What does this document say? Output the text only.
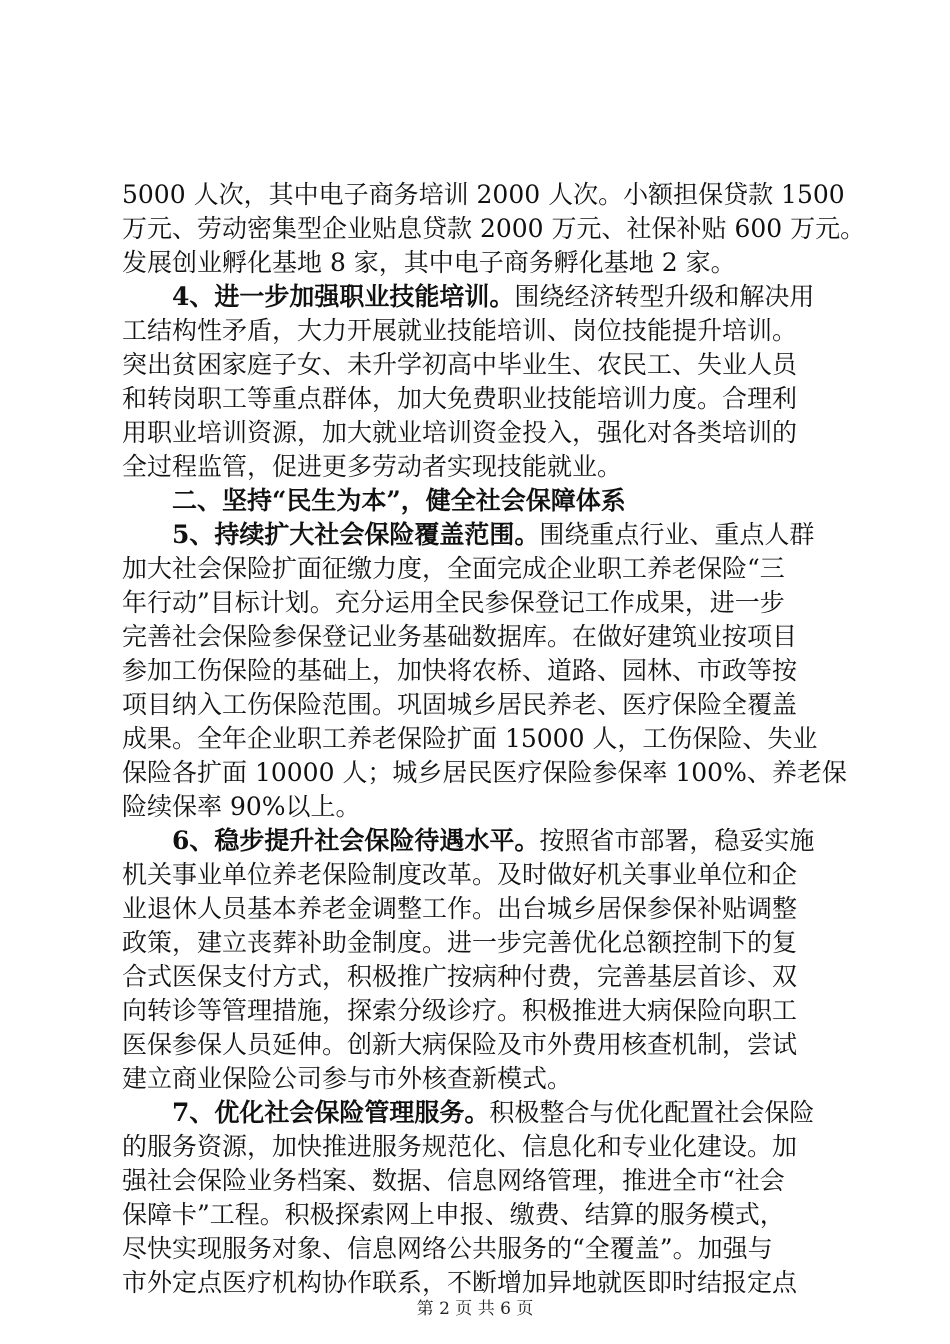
5000 人次，其中电子商务培训 2000 人次。小额担保贷款 1500
万元、劳动密集型企业贴息贷款 2000 万元、社保补贴 600 万元。
发展创业孵化基地 8 家，其中电子商务孵化基地 2 家。
4、进一步加强职业技能培训。围绕经济转型升级和解决用
工结构性矛盾，大力开展就业技能培训、岗位技能提升培训。
突出贫困家庭子女、未升学初高中毕业生、农民工、失业人员
和转岗职工等重点群体，加大免费职业技能培训力度。合理利
用职业培训资源，加大就业培训资金投入，强化对各类培训的
全过程监管，促进更多劳动者实现技能就业。
二、坚持“民生为本”，健全社会保障体系
5、持续扩大社会保险覆盖范围。围绕重点行业、重点人群
加大社会保险扩面征缴力度，全面完成企业职工养老保险“三
年行动”目标计划。充分运用全民参保登记工作成果，进一步
完善社会保险参保登记业务基础数据库。在做好建筑业按项目
参加工伤保险的基础上，加快将农桥、道路、园林、市政等按
项目纳入工伤保险范围。巩固城乡居民养老、医疗保险全覆盖
成果。全年企业职工养老保险扩面 15000 人，工伤保险、失业
保险各扩面 10000 人；城乡居民医疗保险参保率 100%、养老保
险续保率 90%以上。
6、稳步提升社会保险待遇水平。按照省市部署，稳妥实施
机关事业单位养老保险制度改革。及时做好机关事业单位和企
业退休人员基本养老金调整工作。出台城乡居保参保补贴调整
政策，建立丧葬补助金制度。进一步完善优化总额控制下的复
合式医保支付方式，积极推广按病种付费，完善基层首诊、双
向转诊等管理措施，探索分级诊疗。积极推进大病保险向职工
医保参保人员延伸。创新大病保险及市外费用核查机制，尝试
建立商业保险公司参与市外核查新模式。
7、优化社会保险管理服务。积极整合与优化配置社会保险
的服务资源，加快推进服务规范化、信息化和专业化建设。加
强社会保险业务档案、数据、信息网络管理，推进全市“社会
保障卡”工程。积极探索网上申报、缴费、结算的服务模式，
尽快实现服务对象、信息网络公共服务的“全覆盖”。加强与
市外定点医疗机构协作联系，不断增加异地就医即时结报定点
第 2 页 共 6 页
